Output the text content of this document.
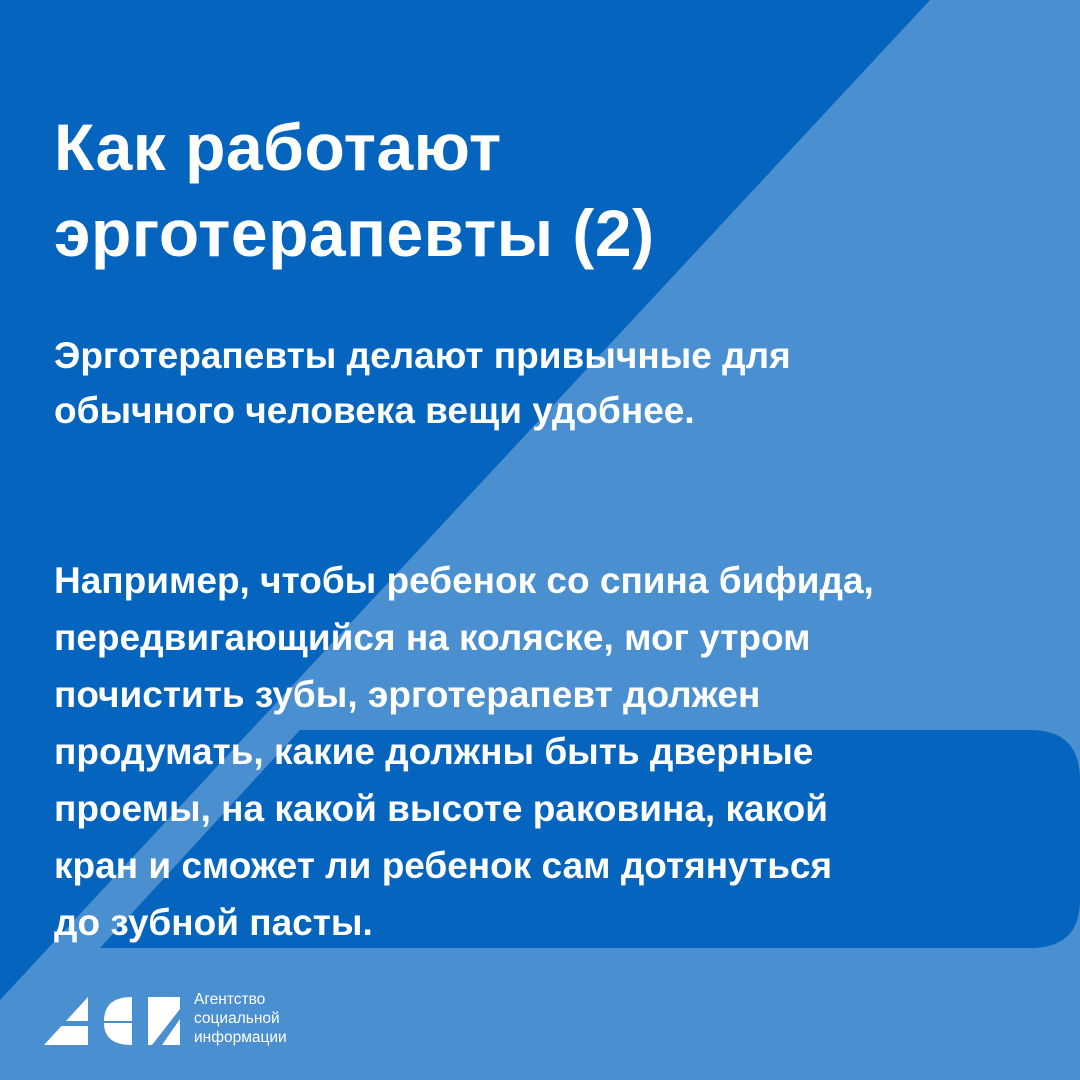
Как работают
эрготерапевты (2)

Эрготерапевты делают привычные для
обычного человека вещи удобнее.

Например, чтобы ребенок со спина бифида,
передвигающийся на коляске, мог утром
почистить зубы, эрготерапевт должен
продумать, какие должны быть дверные
проемы, на какой высоте раковина, какой
кран и сможет ли ребенок сам дотянуться
до зубной пасты.

Агентство
социальной
информации
